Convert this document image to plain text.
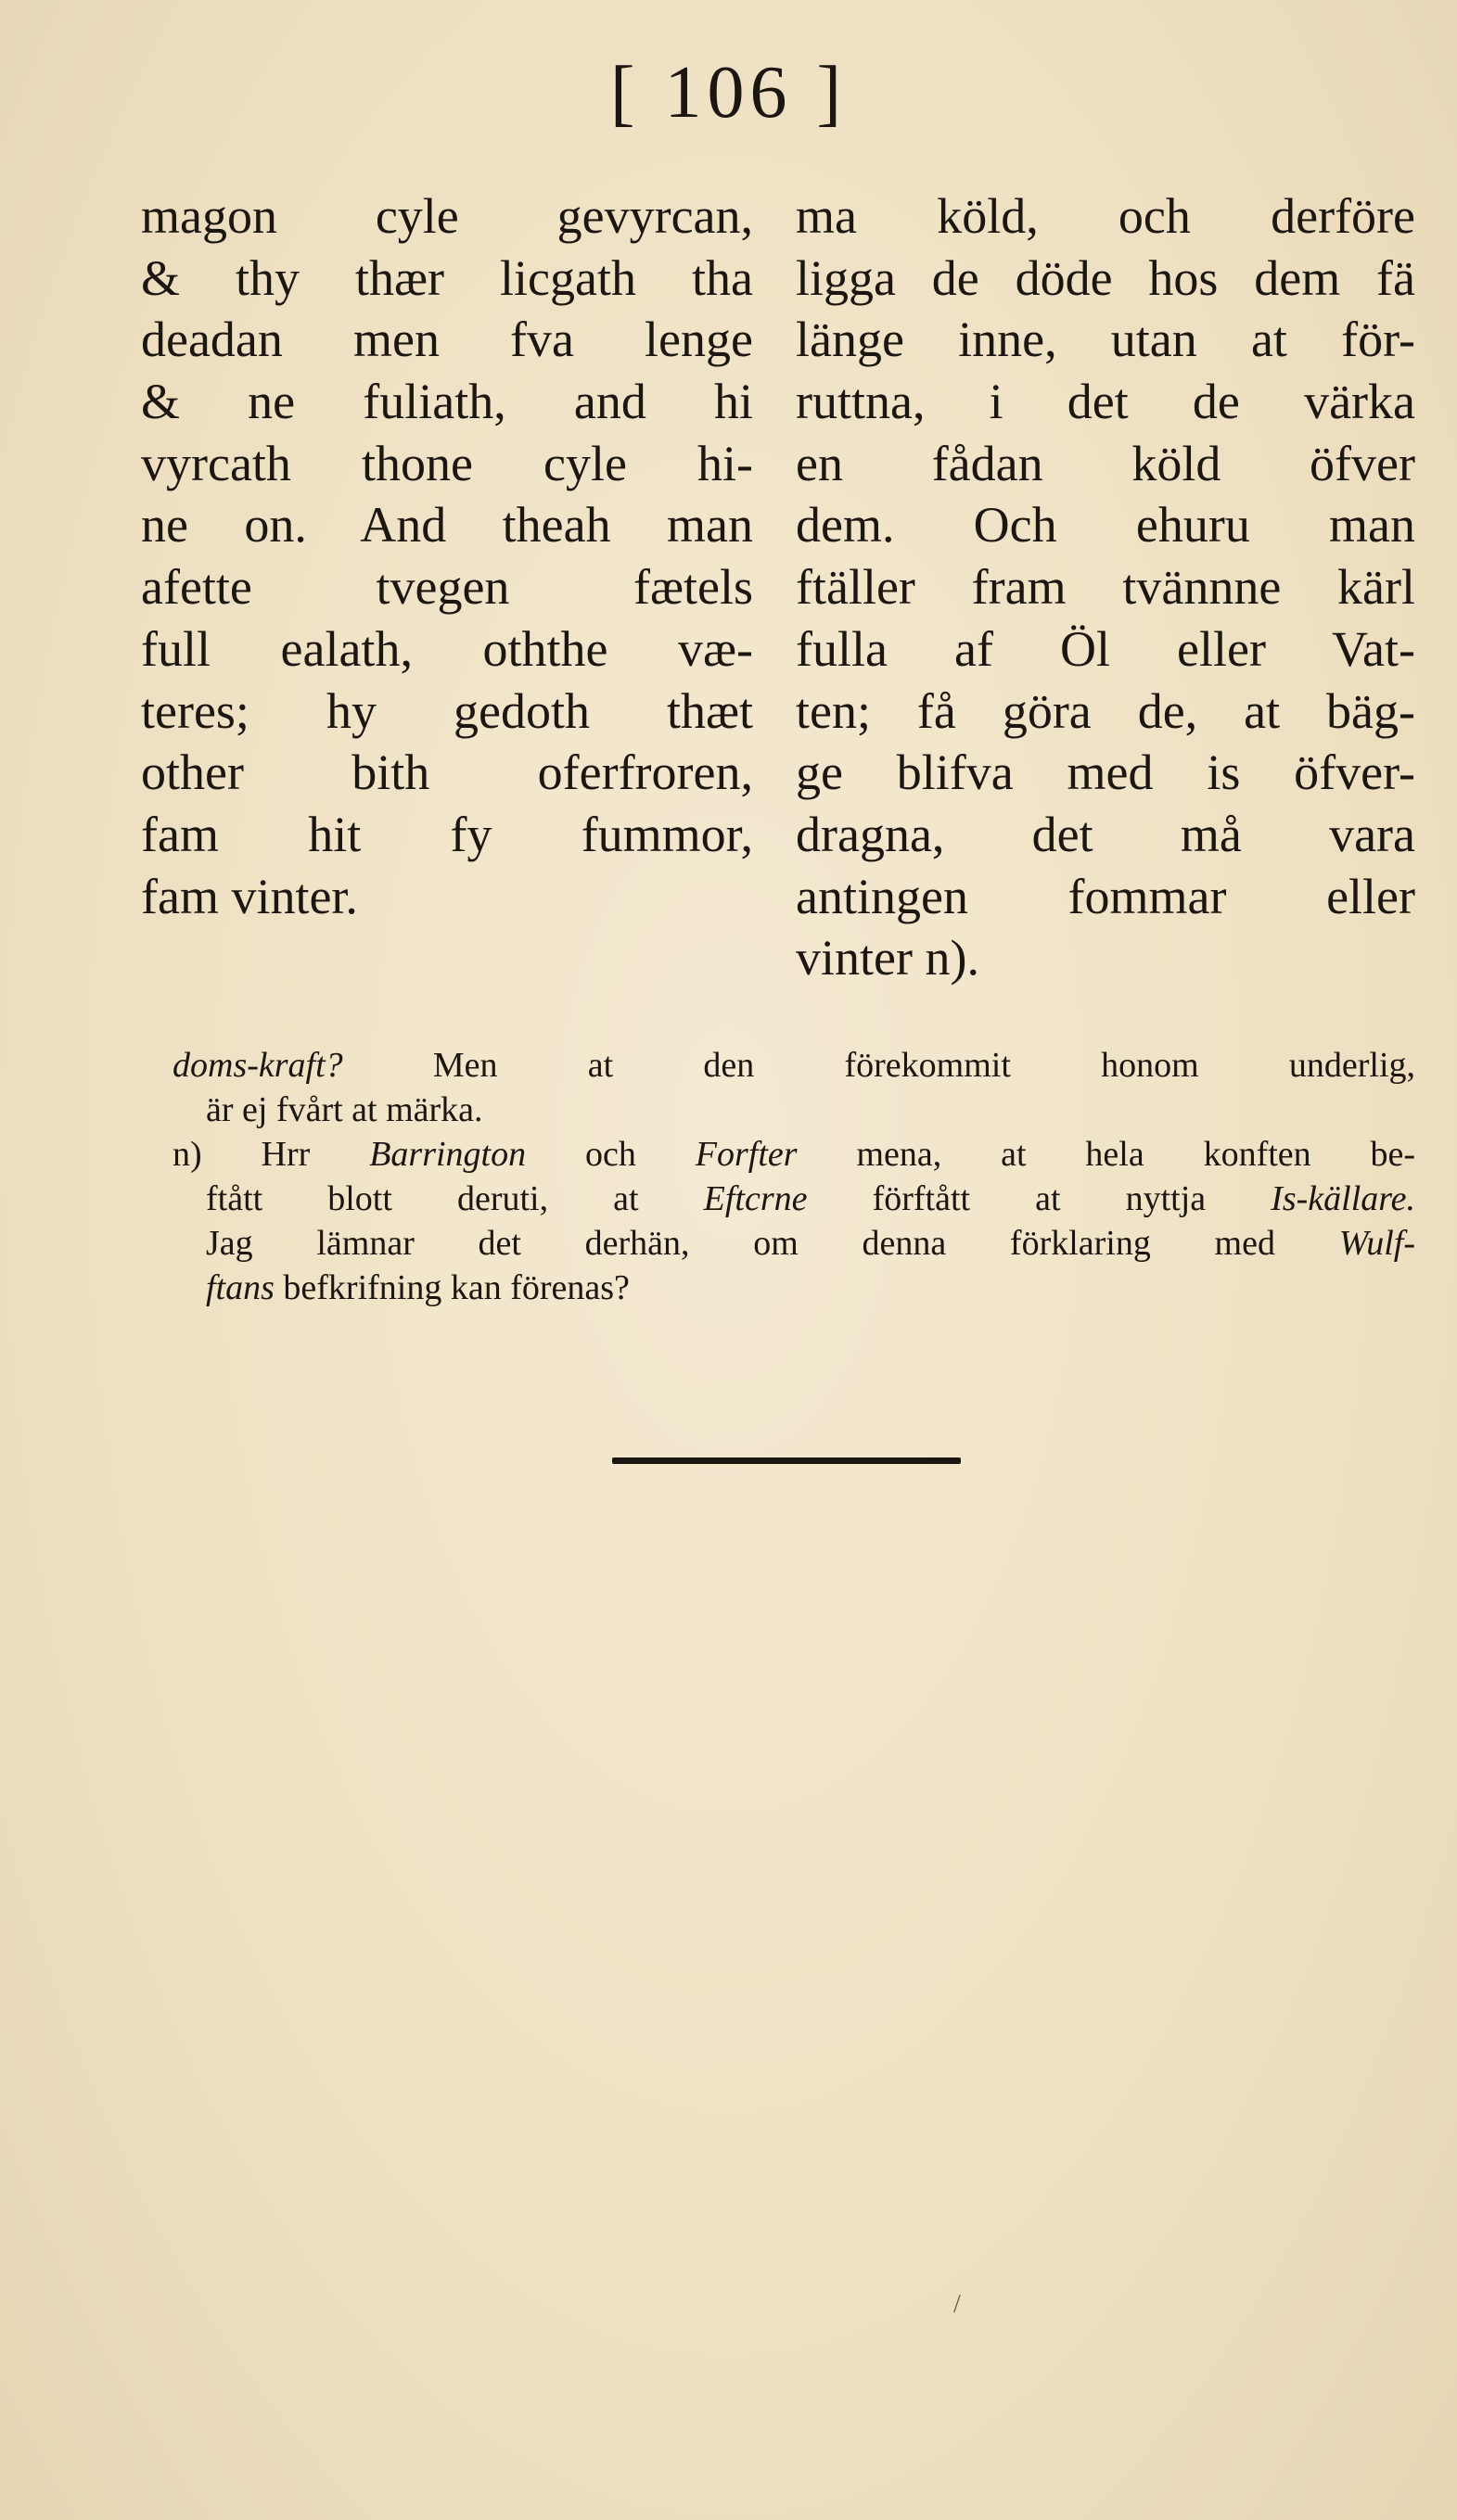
[ 106 ]
magon cyle gevyrcan,
& thy thær licgath tha
deadan men fva lenge
& ne fuliath, and hi
vyrcath thone cyle hi-
ne on. And theah man
afette tvegen fætels
full ealath, oththe væ-
teres; hy gedoth thæt
other bith oferfroren,
fam hit fy fummor,
fam vinter.
ma köld, och derföre
ligga de döde hos dem fä
länge inne, utan at för-
ruttna, i det de värka
en fådan köld öfver
dem. Och ehuru man
ftäller fram tvännne kärl
fulla af Öl eller Vat-
ten; få göra de, at bäg-
ge blifva med is öfver-
dragna, det må vara
antingen fommar eller
vinter n).
doms-kraft?	Men at den förekommit honom underlig,
är ej fvårt at märka.
n) Hrr Barrington och Forfter mena, at hela konften be-
ftått blott deruti, at Eftcrne förftått at nyttja Is-källare.
Jag lämnar det derhän, om denna förklaring med Wulf-
ftans befkrifning kan förenas?
/
